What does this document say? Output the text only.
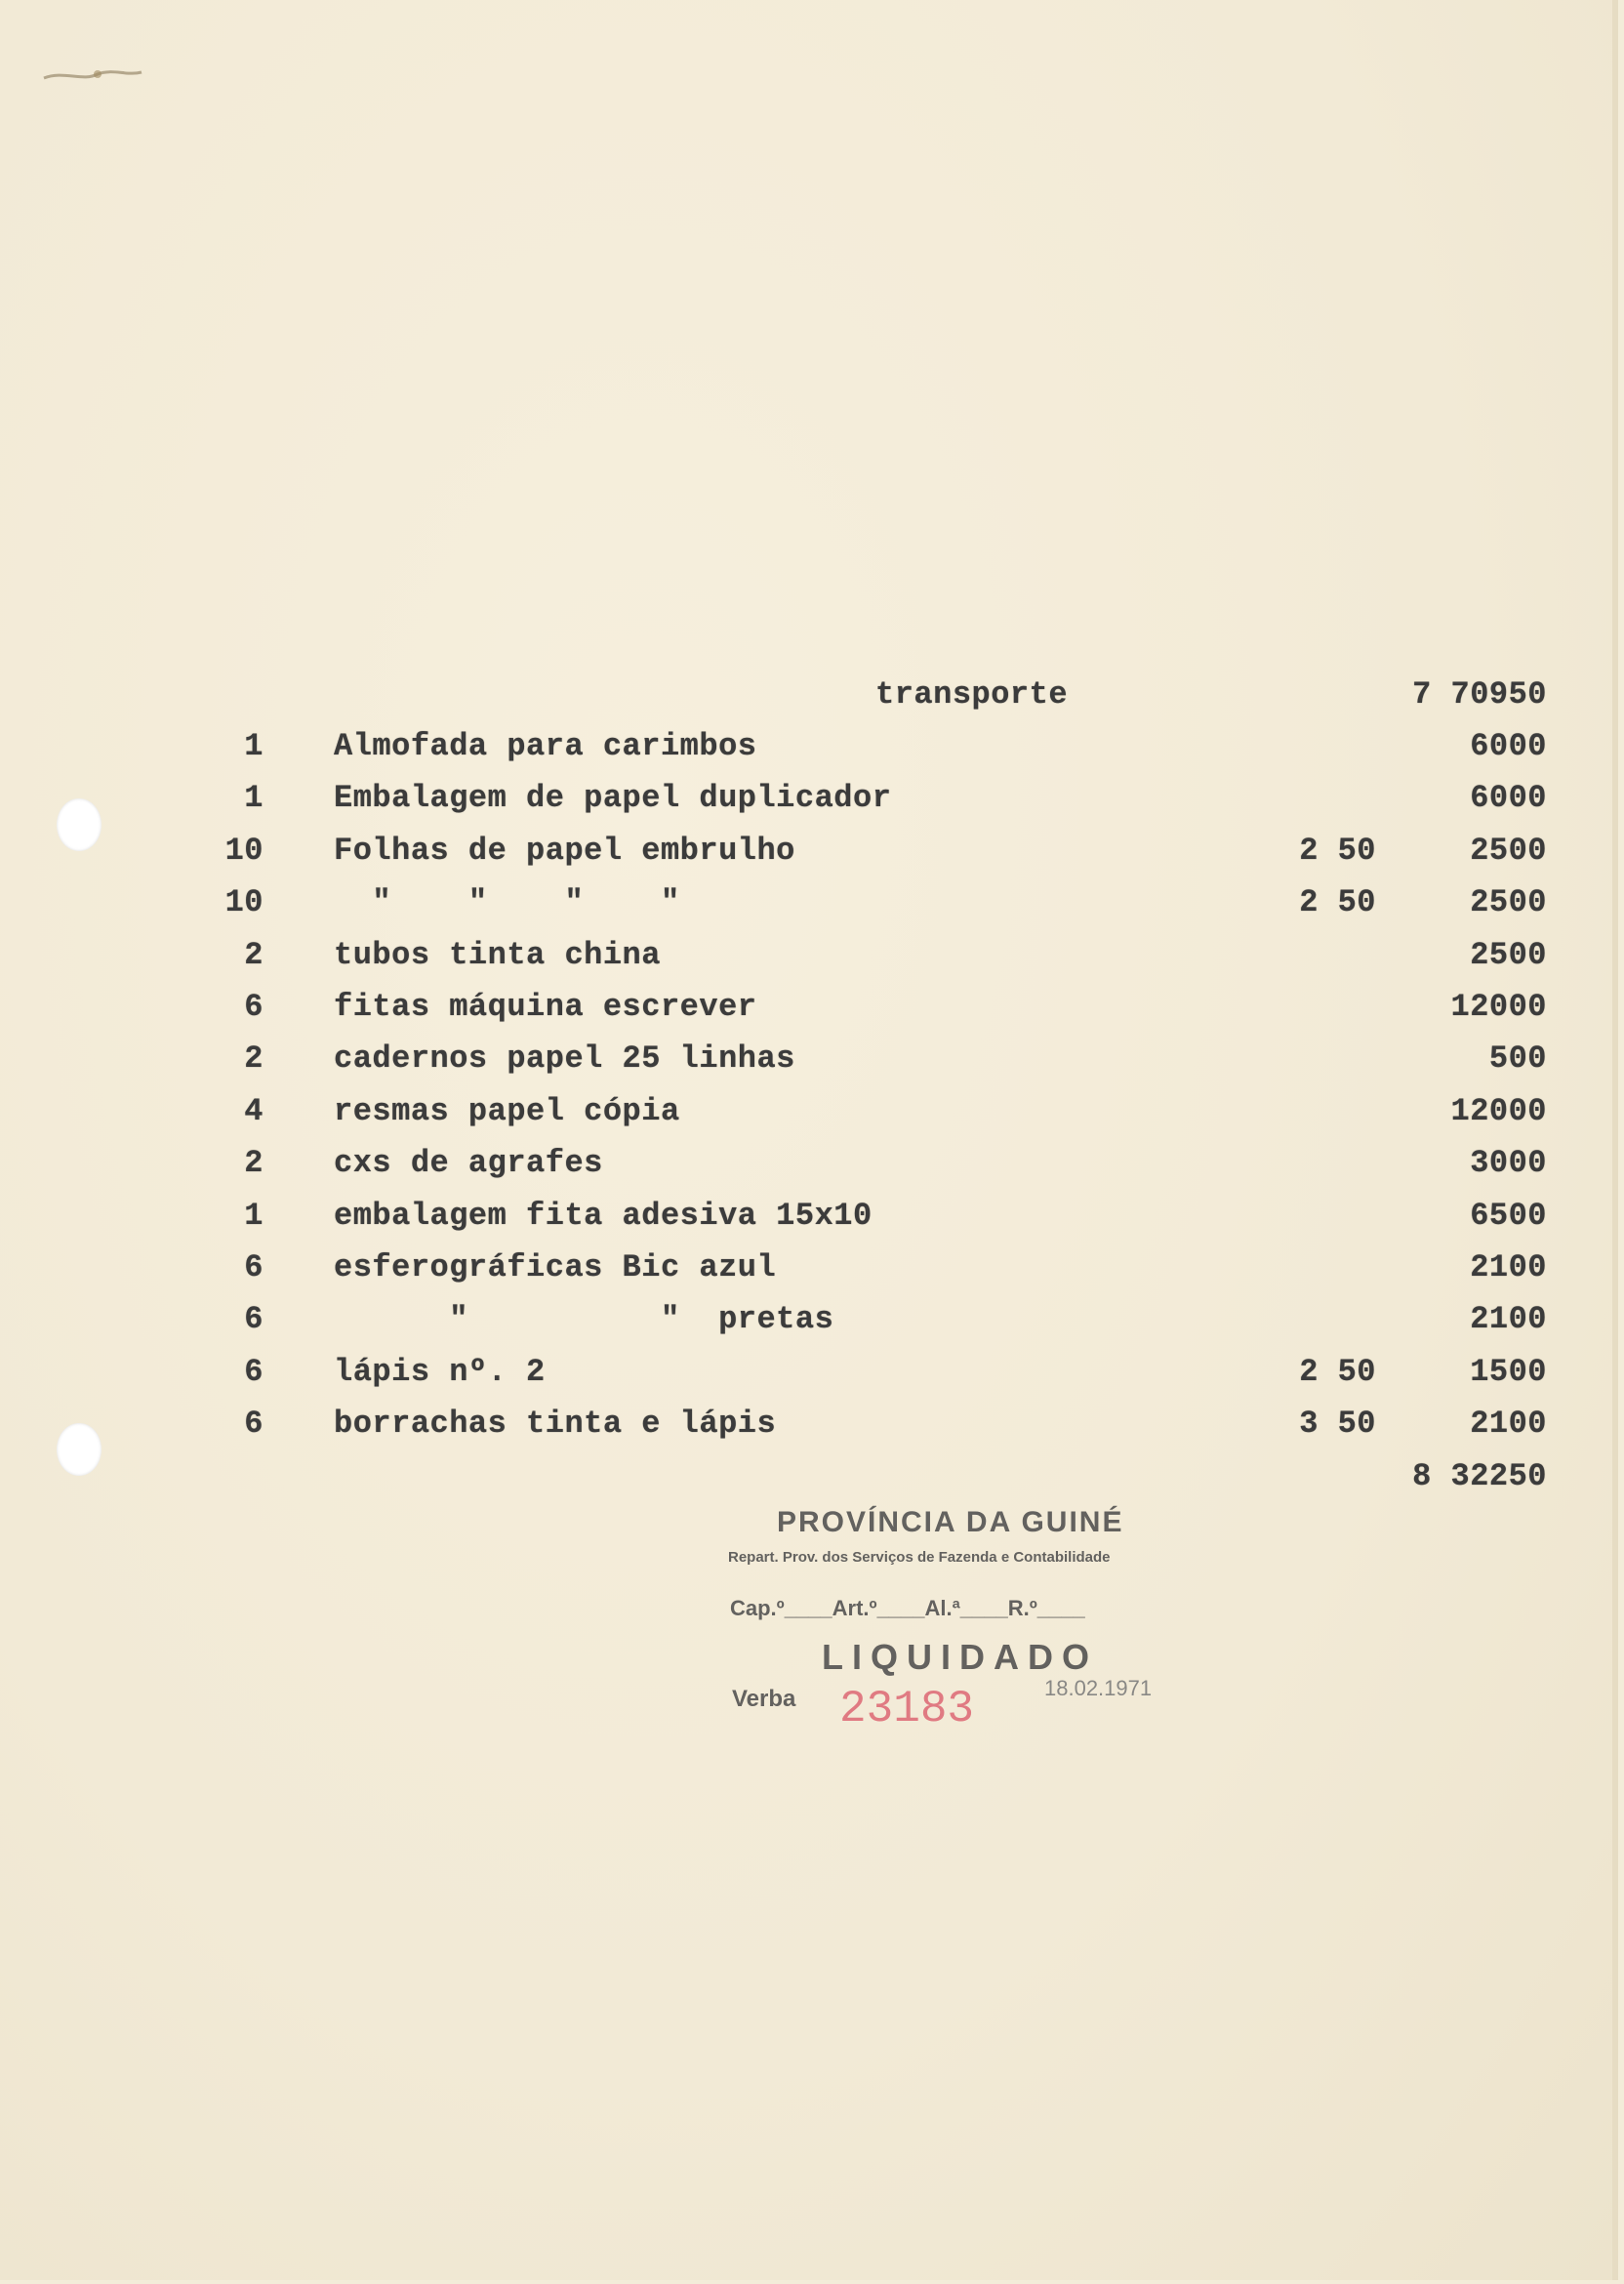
transporte	7 70950
1 Almofada para carimbos	6000
1 Embalagem de papel duplicador	6000
10 Folhas de papel embrulho	2 50	2500
10 "    "    "    "	2 50	2500
2 tubos tinta china	2500
6 fitas máquina escrever	12000
2 cadernos papel 25 linhas	500
4 resmas papel cópia	12000
2 cxs de agrafes	3000
1 embalagem fita adesiva 15x10	6500
6 esferográficas Bic azul	2100
6 "          "  pretas	2100
6 lápis nº. 2	2 50	1500
6 borrachas tinta e lápis	3 50	2100
8 32250
PROVÍNCIA DA GUINÉ
Repart. Prov. dos Serviços de Fazenda e Contabilidade
Cap.º____Art.º____Al.ª____R.º____
LIQUIDADO
Verba 23183	18.02.1971
